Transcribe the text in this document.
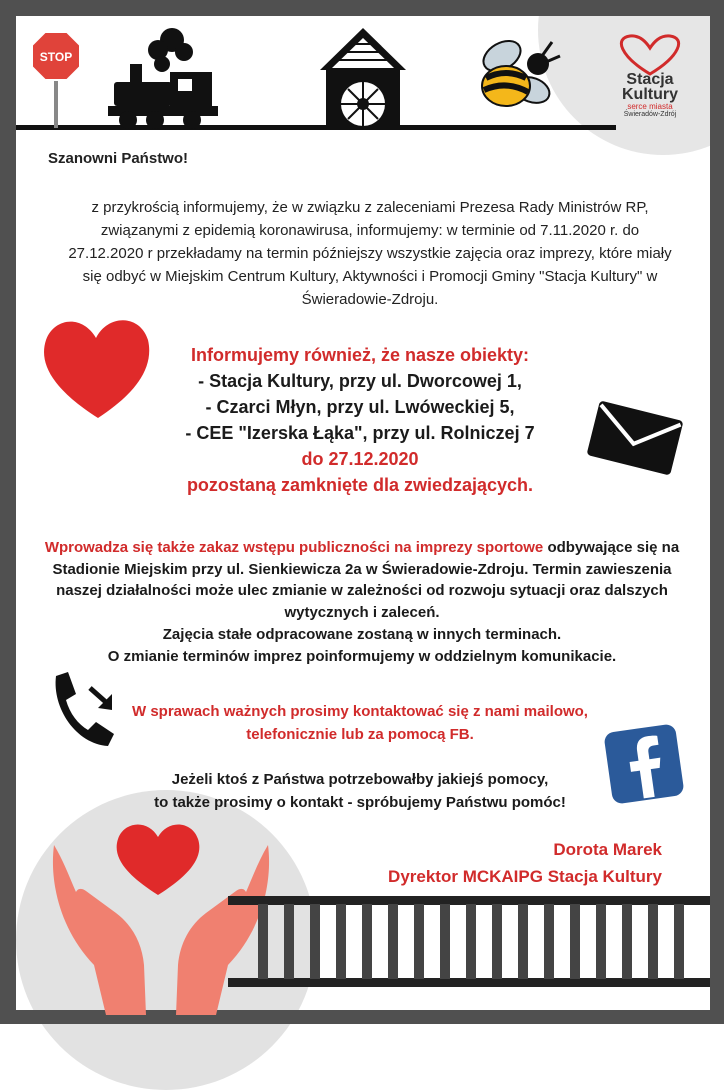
STOP
Stacja
Kultury
serce miasta
Świeradów-Zdrój
Szanowni Państwo!
z przykrością informujemy, że w związku z zaleceniami Prezesa Rady Ministrów RP,
związanymi z epidemią koronawirusa, informujemy: w terminie od 7.11.2020 r. do
27.12.2020 r przekładamy na termin późniejszy wszystkie zajęcia oraz imprezy, które miały
się odbyć w Miejskim Centrum Kultury, Aktywności i Promocji Gminy "Stacja Kultury" w
Świeradowie-Zdroju.
Informujemy również, że nasze obiekty:
- Stacja Kultury, przy ul. Dworcowej 1,
- Czarci Młyn, przy ul. Lwóweckiej 5,
- CEE "Izerska Łąka", przy ul. Rolniczej 7
do 27.12.2020
pozostaną zamknięte dla zwiedzających.
Wprowadza się także zakaz wstępu publiczności na imprezy sportowe odbywające się na Stadionie Miejskim przy ul. Sienkiewicza 2a w Świeradowie-Zdroju. Termin zawieszenia naszej działalności może ulec zmianie w zależności od rozwoju sytuacji oraz dalszych wytycznych i zaleceń.
Zajęcia stałe odpracowane zostaną w innych terminach.
O zmianie terminów imprez poinformujemy w oddzielnym komunikacie.
W sprawach ważnych prosimy kontaktować się z nami mailowo,
telefonicznie lub za pomocą FB.
Jeżeli ktoś z Państwa potrzebowałby jakiejś pomocy,
to także prosimy o kontakt - spróbujemy Państwu pomóc!
Dorota Marek
Dyrektor MCKAIPG Stacja Kultury
